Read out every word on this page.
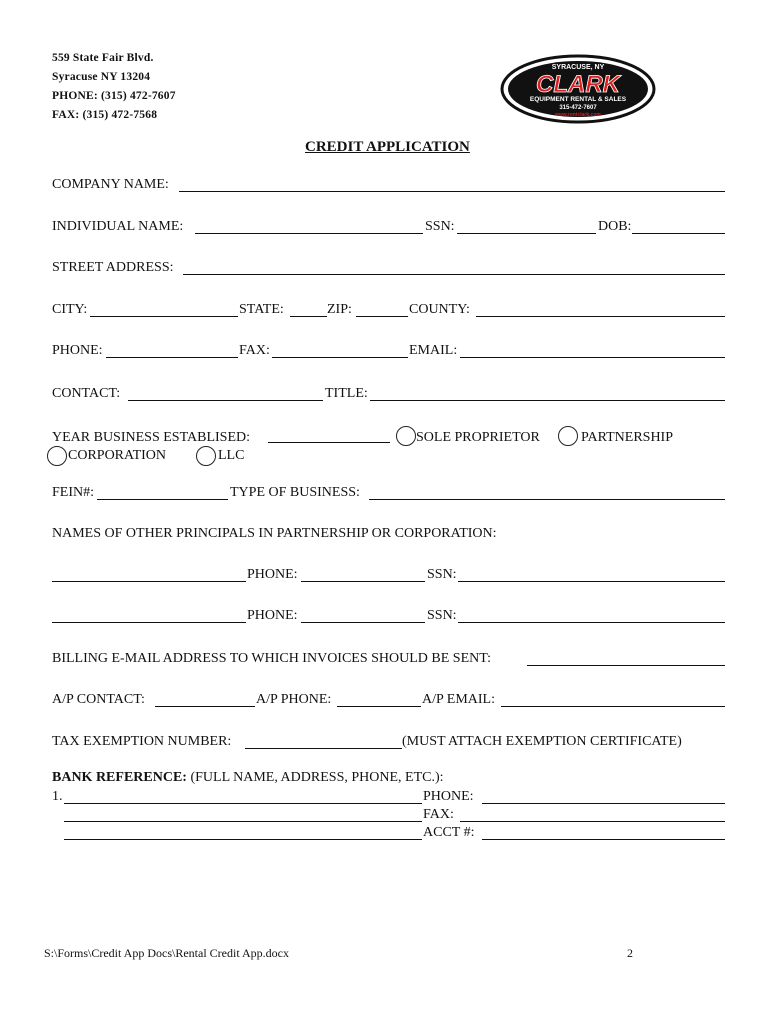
559 State Fair Blvd.
Syracuse NY 13204
PHONE: (315) 472-7607
FAX: (315) 472-7568
SYRACUSE, NY
CLARK
EQUIPMENT RENTAL & SALES
315-472-7607
www.rentclark.com
CREDIT APPLICATION
COMPANY NAME:
INDIVIDUAL NAME:	SSN:	DOB:
STREET ADDRESS:
CITY:	STATE:	ZIP:	COUNTY:
PHONE:	FAX:	EMAIL:
CONTACT:	TITLE:
YEAR BUSINESS ESTABLISED:	SOLE PROPRIETOR	PARTNERSHIP
CORPORATION	LLC
FEIN#:	TYPE OF BUSINESS:
NAMES OF OTHER PRINCIPALS IN PARTNERSHIP OR CORPORATION:
PHONE:	SSN:
PHONE:	SSN:
BILLING E-MAIL ADDRESS TO WHICH INVOICES SHOULD BE SENT:
A/P CONTACT:	A/P PHONE:	A/P EMAIL:
TAX EXEMPTION NUMBER:	(MUST ATTACH EXEMPTION CERTIFICATE)
BANK REFERENCE: (FULL NAME, ADDRESS, PHONE, ETC.):
1.	PHONE:
FAX:
ACCT #:
S:\Forms\Credit App Docs\Rental Credit App.docx	2
